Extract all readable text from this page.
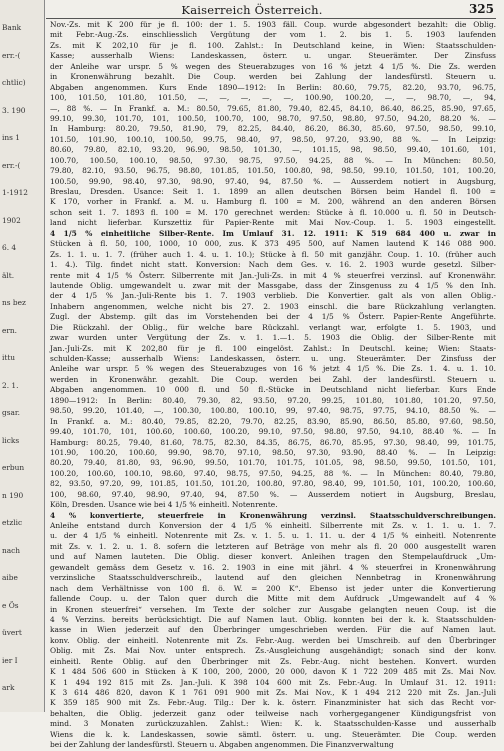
Bank
err.-(
chtlic)
3. 190
ins 1
err.-(
1-1912
1902
6. 4
ält.
ns bez
ern.
ittu
2. 1.
gsar.
licks
erbun
n 190
etzlic
nach
aibe
e Ös
üvert
ier I
ark
Kaiserreich Österreich.	325
Nov.-Zs. mit K 200 für je fl. 100: der 1. 5. 1903 fäll. Coup. wurde abgesondert bezahlt: die Oblig.
mit Febr.-Aug.-Zs. einschliesslich Vergütung der vom 1. 2. bis 1. 5. 1903 laufenden
Zs. mit K 202,10 für je fl. 100. Zahlst.: In Deutschland keine, in Wien: Staatsschulden-
Kasse; ausserhalb Wiens: Landeskassen, österr. u. ungar. Steuerämter. Der Zinsfuss
der Anleihe war urspr. 5 % wegen des Steuerabzuges von 16 % jetzt 4 1/5 %. Die Zs. werden
in Kronenwährung bezahlt. Die Coup. werden bei Zahlung der landesfürstl. Steuern u.
Abgaben angenommen. Kurs Ende 1890—1912: In Berlin: 80.60, 79.75, 82.20, 93.70, 96.75,
100, 101.50, 101.80, 101.50, —, —, —, —, —, 100.90, 100.20, —, —, 98.70, —, 94,
—, 88 %. — In Frankf. a. M.: 80.50, 79.65, 81.80, 79.40, 82.45, 84.10, 86.40, 86.25, 85.90, 97.65,
99.10, 99.30, 101.70, 101, 100.50, 100.70, 100, 98.70, 97.50, 98.80, 97.50, 94.20, 88.20 %. —
In Hamburg: 80.20, 79.50, 81.90, 79, 82.25, 84.40, 86.20, 86.30, 85.60, 97.50, 98.50, 99.10,
101.50, 101.90, 100.10, 100.50, 99.75, 98.40, 97, 98.50, 97.20, 93.90, 88 %. — In Leipzig:
80.60, 79.80, 82.10, 93.20, 96.90, 98.50, 101.30, —, 101.15, 98, 98.50, 99.40, 101.60, 101,
100.70, 100.50, 100.10, 98.50, 97.30, 98.75, 97.50, 94.25, 88 %. — In München: 80.50,
79.80, 82.10, 93.50, 96.75, 98.80, 101.85, 101.50, 100.80, 98, 98.50, 99.10, 101.50, 101, 100.20,
100.50, 99.90, 98.40, 97.30, 98.90, 97.40, 94, 87.50 %. — Ausserdem notiert in Augsburg,
Breslau, Dresden. Usance: Seit 1. 1. 1899 an allen deutschen Börsen beim Handel fl. 100 =
K 170, vorher in Frankf. a. M. u. Hamburg fl. 100 = M. 200, während an den anderen Börsen
schon seit 1. 7. 1893 fl. 100 = M. 170 gerechnet werden: Stücke à fl. 10.000 u. fl. 50 in Deutsch-
land nicht lieferbar. Kurszettiz für Papier-Rente mit Mai Nov.-Coup. 1. 5. 1903 eingestellt.
4 1/5 % einheitliche Silber-Rente. Im Umlauf 31. 12. 1911: K 519 684 400 u. zwar in
Stücken à fl. 50, 100, 1000, 10 000, zus. K 373 495 500, auf Namen lautend K 146 088 900.
Zs. 1. 1. u. 1. 7. (früher auch 1. 4. u. 1. 10.); Stücke à fl. 50 mit ganzjähr. Coup. 1. 10. (früher auch
1. 4.). Tilg. findet nicht statt. Konversion: Nach dem Ges. v. 16. 2. 1903 wurde gesetzl. Silber-
rente mit 4 1/5 % Österr. Silberrente mit Jan.-Juli-Zs. in mit 4 % steuerfrei verzinsl. auf Kronenwähr.
lautende Oblig. umgewandelt u. zwar mit der Massgabe, dass der Zinsgenuss zu 4 1/5 % den Inh.
der 4 1/5 % Jan.-Juli-Rente bis 1. 7. 1903 verblieb. Die Konvertier. galt als von allen Oblig.-
Inhabern angenommen, welche nicht bis 27. 2. 1903 einschl. die bare Rückzahlung verlangten.
Zugl. der Abstemp. gilt das im Vorstehenden bei der 4 1/5 % Österr. Papier-Rente Angeführte.
Die Rückzahl. der Oblig., für welche bare Rückzahl. verlangt war, erfolgte 1. 5. 1903, und
zwar wurden unter Vergütung der Zs. v. 1. 1.—1. 5. 1903 die Oblig. der Silber-Rente mit
Jan.-Juli-Zs. mit K 202,80 für je fl. 100 eingelöst. Zahlst.: In Deutschl. keine; Wien: Staats-
schulden-Kasse; ausserhalb Wiens: Landeskassen, österr. u. ung. Steuerämter. Der Zinsfuss der
Anleihe war urspr. 5 % wegen des Steuerabzuges von 16 % jetzt 4 1/5 %. Die Zs. 1. 4. u. 1. 10.
werden in Kronenwähr. gezahlt. Die Coup. werden bei Zahl. der landesfürstl. Steuern u.
Abgaben angenommen. 10 000 fl. und 50 fl.-Stücke in Deutschland nicht lieferbar. Kurs Ende
1890—1912: In Berlin: 80.40, 79.30, 82, 93.50, 97.20, 99.25, 101.80, 101.80, 101.20, 97.50,
98.50, 99.20, 101.40, —, 100.30, 100.80, 100.10, 99, 97.40, 98.75, 97.75, 94.10, 88.50 %. —
In Frankf. a. M.: 80.40, 79.85, 82.20, 79.70, 82.25, 83.90, 85.90, 86.50, 85.80, 97.60, 98.50,
99.40, 101.70, 101, 100.60, 100.60, 100.20, 99.10, 97.50, 98.80, 97.50, 94.10, 88.40 %. — In
Hamburg: 80.25, 79.40, 81.60, 78.75, 82.30, 84.35, 86.75, 86.70, 85.95, 97.30, 98.40, 99, 101.75,
101.90, 100.20, 100.60, 99.90, 98.70, 97.10, 98.50, 97.30, 93.90, 88.40 %. — In Leipzig:
80.20, 79.40, 81.80, 93, 96.90, 99.50, 101.70, 101.75, 101.05, 98, 98.50, 99.50, 101.50, 101,
100.20, 100.60, 100.10, 98.60, 97.40, 98.75, 97.50, 94.25, 88 %. — In München: 80.40, 79.80,
82, 93.50, 97.20, 99, 101.85, 101.50, 101.20, 100.80, 97.80, 98.40, 99, 101.50, 101, 100.20, 100.60,
100, 98.60, 97.40, 98.90, 97.40, 94, 87.50 %. — Ausserdem notiert in Augsburg, Breslau,
Köln, Dresden. Usance wie bei 4 1/5 % einheitl. Notenrente.
4 % konvertierte, steuerfreie in Kronenwährung verzinsl. Staatsschuldverschreibungen.
Anleihe entstand durch Konversion der 4 1/5 % einheitl. Silberrente mit Zs. v. 1. 1. u. 1. 7.
u. der 4 1/5 % einheitl. Notenrente mit Zs. v. 1. 5. u. 1. 11. u. der 4 1/5 % einheitl. Notenrente
mit Zs. v. 1. 2. u. 1. 8. sofern die letzteren auf Beträge von mehr als fl. 20 000 ausgestellt waren
und auf Namen lauteten. Die Oblig. dieser konvert. Anleihen tragen den Stempelaufdruck „Um-
gewandelt gemäss dem Gesetz v. 16. 2. 1903 in eine mit jährl. 4 % steuerfrei in Kronenwährung
verzinsliche Staatsschuldverschreib., lautend auf den gleichen Nennbetrag in Kronenwährung
nach dem Verhältnisse von 100 fl. ö. W. = 200 K“. Ebenso ist jeder unter die Konvertierung
fallende Coup. u. der Talon quer durch die Mitte mit dem Aufdruck „Umgewandelt auf 4 %
in Kronen steuerfrei“ versehen. Im Texte der solcher zur Ausgabe gelangten neuen Coup. ist die
4 % Verzins. bereits berücksichtigt. Die auf Namen laut. Oblig. konnten bei der k. k. Staatsschulden-
kasse in Wien jederzeit auf den Überbringer umgeschrieben werden. Für die auf Namen laut.
konv. Oblig. der einheitl. Notenrente mit Zs. Febr.-Aug. werden bei Umschreib. auf den Überbringer
Oblig. mit Zs. Mai Nov. unter entsprech. Zs.-Ausgleichung ausgehändigt; sonach sind der konv.
einheitl. Rente Oblig. auf den Überbringer mit Zs. Febr.-Aug. nicht bestehen. Konvert. wurden
K 1 484 506 600 in Stücken à K 100, 200, 2000, 20 000, davon K 1 722 209 485 mit Zs. Mai Nov.
K 1 494 192 815 mit Zs. Jan.-Juli. K 398 104 600 mit Zs. Febr.-Aug. In Umlauf 31. 12. 1911:
K 3 614 486 820, davon K 1 761 091 900 mit Zs. Mai Nov., K 1 494 212 220 mit Zs. Jan.-Juli
K 359 185 900 mit Zs. Febr.-Aug. Tilg.: Der k. k. österr. Finanzminister hat sich das Recht vor-
behalten, die Oblig. jederzeit ganz oder teilweise nach vorhergegangener Kündigungsfrist von
mind. 3 Monaten zurückzuzahlen. Zahlst.: Wien: K. k. Staatsschulden-Kasse und ausserhalb
Wiens die k. k. Landeskassen, sowie sämtl. österr. u. ung. Steuerämter. Die Coup. werden
bei der Zahlung der landesfürstl. Steuern u. Abgaben angenommen. Die Finanzverwaltung
